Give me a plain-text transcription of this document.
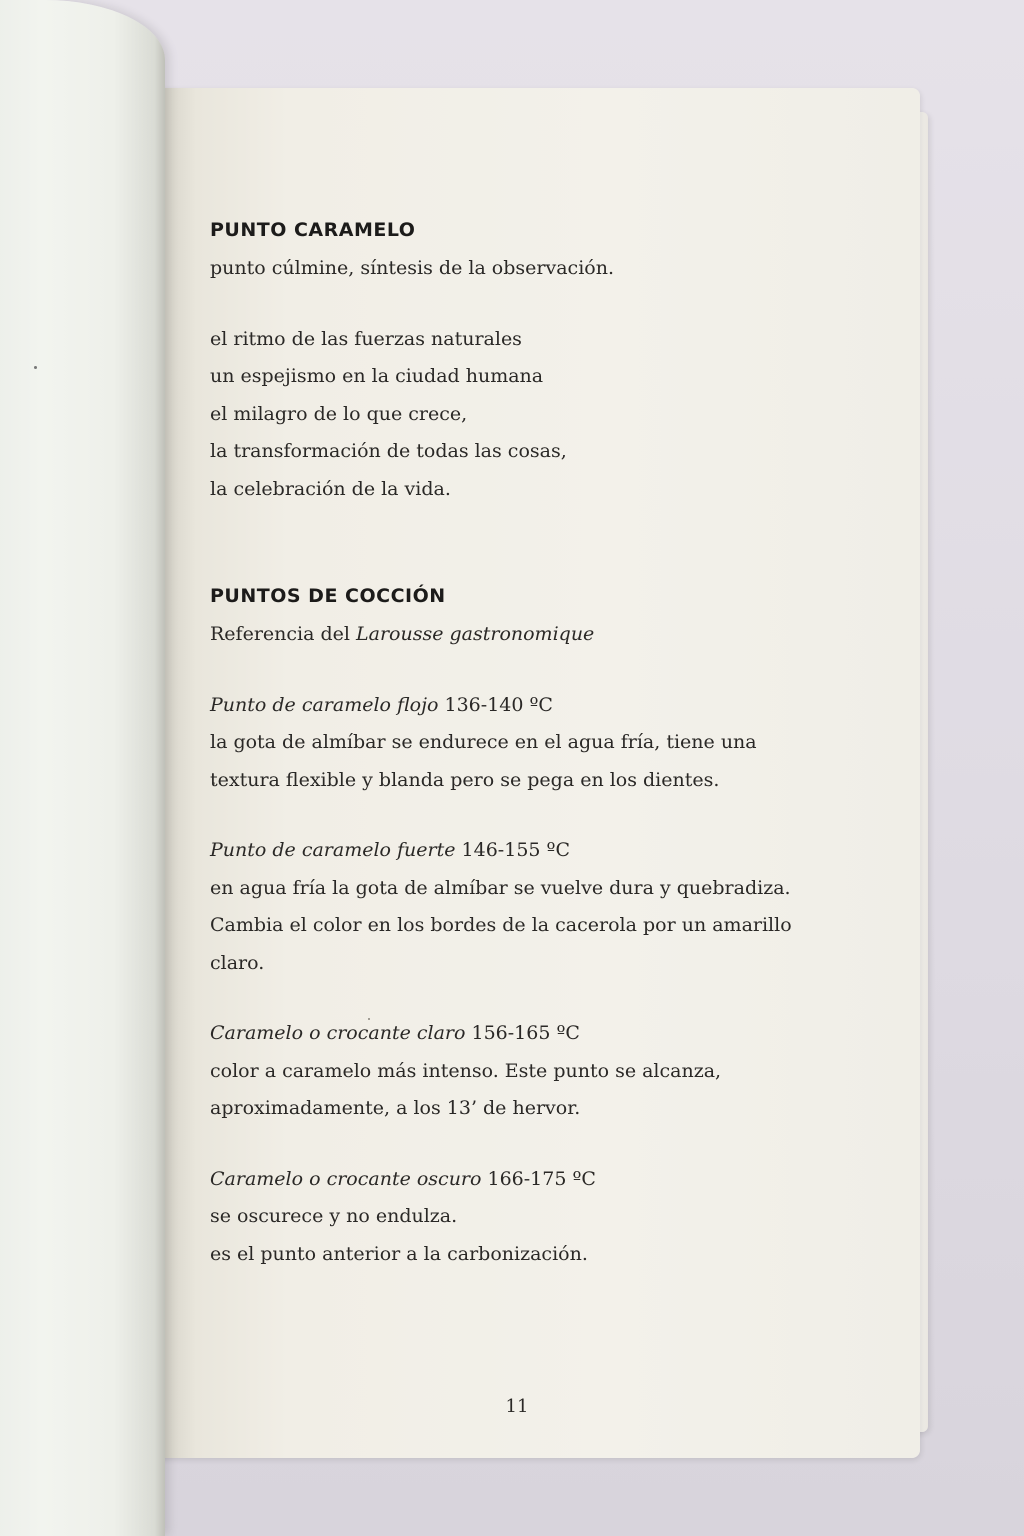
PUNTO CARAMELO

punto cúlmine, síntesis de la observación.

el ritmo de las fuerzas naturales

un espejismo en la ciudad humana

el milagro de lo que crece,

la transformación de todas las cosas,

la celebración de la vida.

PUNTOS DE COCCIÓN

Referencia del Larousse gastronomique

Punto de caramelo flojo 136-140 ºC

la gota de almíbar se endurece en el agua fría, tiene una

textura flexible y blanda pero se pega en los dientes.

Punto de caramelo fuerte 146-155 ºC

en agua fría la gota de almíbar se vuelve dura y quebradiza.

Cambia el color en los bordes de la cacerola por un amarillo

claro.

Caramelo o crocante claro 156-165 ºC

color a caramelo más intenso. Este punto se alcanza,

aproximadamente, a los 13’ de hervor.

Caramelo o crocante oscuro 166-175 ºC

se oscurece y no endulza.

es el punto anterior a la carbonización.

11
